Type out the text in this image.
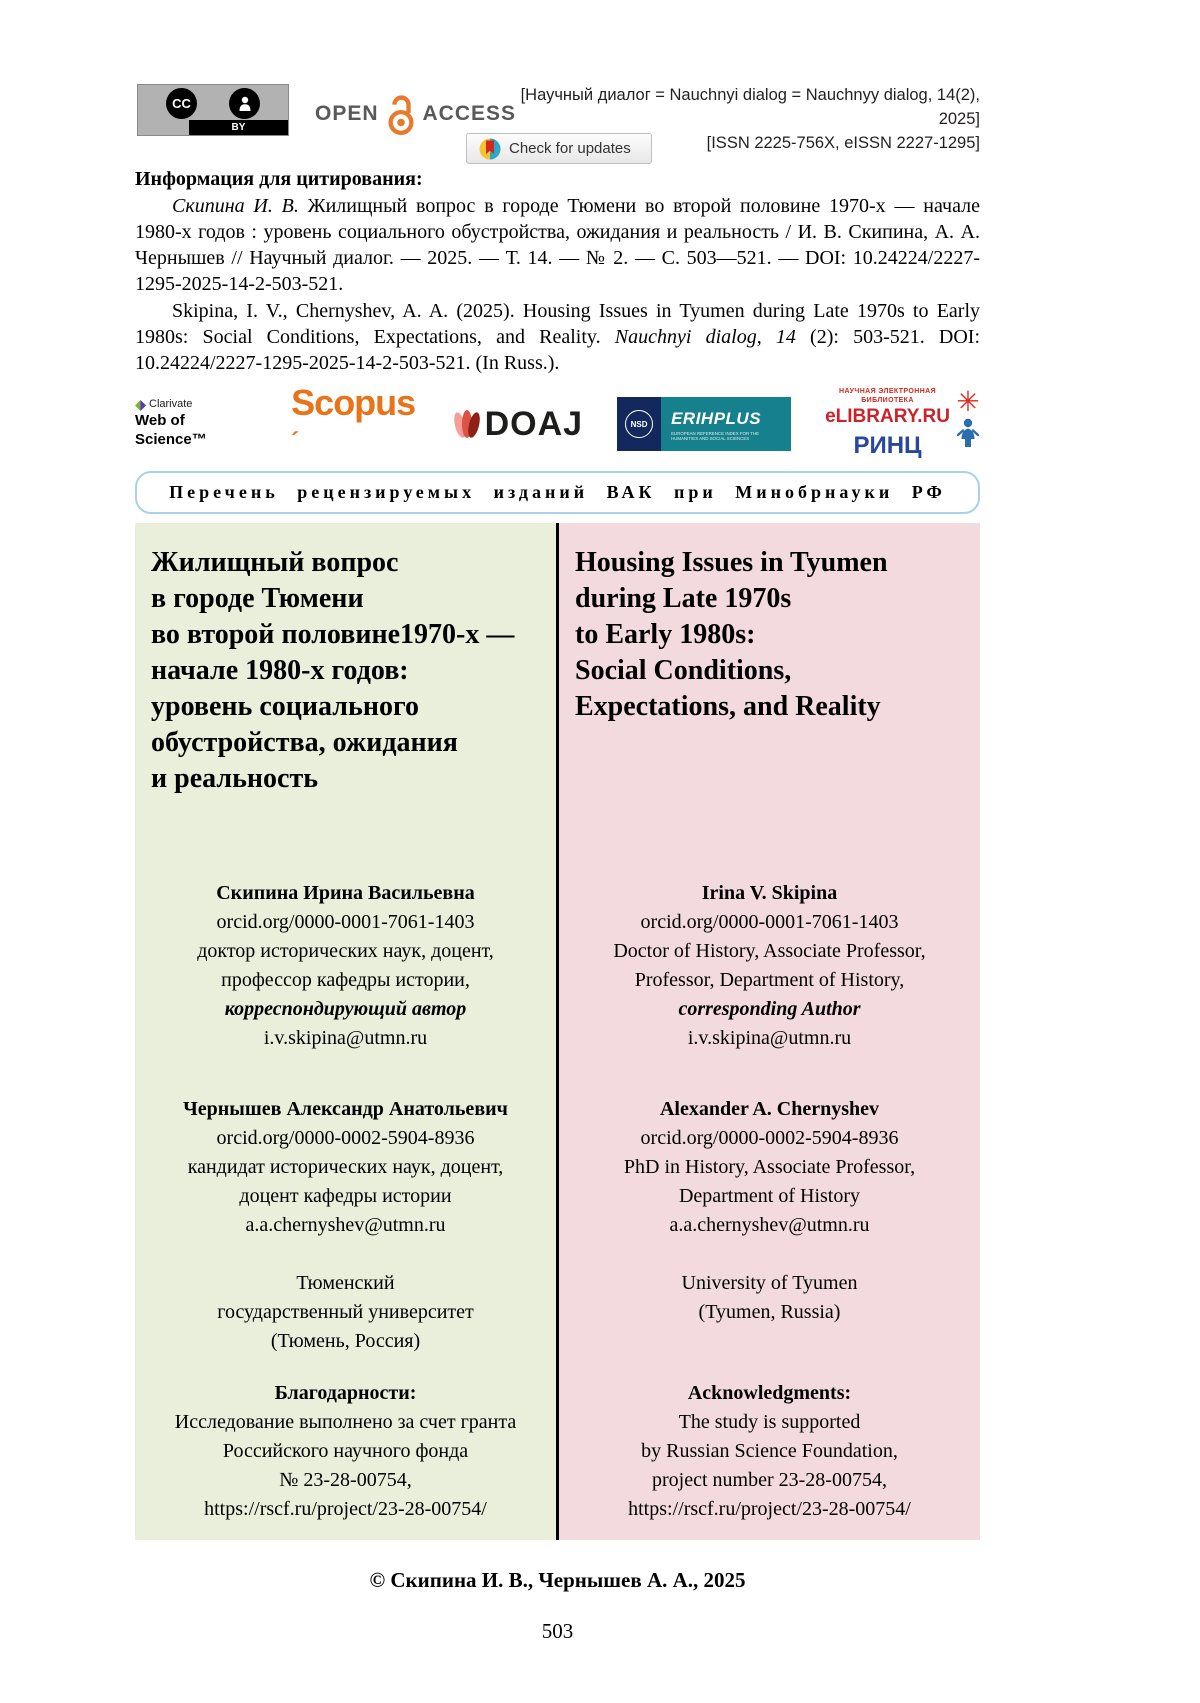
CC
BY
OPEN ACCESS
[Научный диалог = Nauchnyi dialog = Nauchnyy dialog, 14(2), 2025]
[ISSN 2225-756X, eISSN 2227-1295]
Check for updates
Информация для цитирования:

Скипина И. В. Жилищный вопрос в городе Тюмени во второй половине 1970-х — начале 1980-х годов : уровень социального обустройства, ожидания и реальность / И. В. Скипина, А. А. Чернышев // Научный диалог. — 2025. — Т. 14. — № 2. — С. 503—521. — DOI: 10.24224/2227-1295-2025-14-2-503-521.

Skipina, I. V., Chernyshev, A. A. (2025). Housing Issues in Tyumen during Late 1970s to Early 1980s: Social Conditions, Expectations, and Reality. Nauchnyi dialog, 14 (2): 503-521. DOI: 10.24224/2227-1295-2025-14-2-503-521. (In Russ.).

Clarivate
Web of Science™
Scopus´	DOAJ	NSD	ERIHPLUS
EUROPEAN REFERENCE INDEX FOR THE HUMANITIES AND SOCIAL SCIENCES
НАУЧНАЯ ЭЛЕКТРОННАЯ БИБЛИОТЕКА
eLIBRARY.RU
РИНЦ
✳
Перечень рецензируемых изданий ВАК при Минобрнауки РФ
Жилищный вопрос
в городе Тюмени
во второй половине1970-х —
начале 1980-х годов:
уровень социального
обустройства, ожидания
и реальность
Скипина Ирина Васильевна
orcid.org/0000-0001-7061-1403
доктор исторических наук, доцент,
профессор кафедры истории,
корреспондирующий автор
i.v.skipina@utmn.ru
Чернышев Александр Анатольевич
orcid.org/0000-0002-5904-8936
кандидат исторических наук, доцент,
доцент кафедры истории
a.a.chernyshev@utmn.ru
Тюменский
государственный университет
(Тюмень, Россия)
Благодарности:
Исследование выполнено за счет гранта
Российского научного фонда
№ 23-28-00754,
https://rscf.ru/project/23-28-00754/
Housing Issues in Tyumen
during Late 1970s
to Early 1980s:
Social Conditions,
Expectations, and Reality
Irina V. Skipina
orcid.org/0000-0001-7061-1403
Doctor of History, Associate Professor,
Professor, Department of History,
corresponding Author
i.v.skipina@utmn.ru
Alexander A. Chernyshev
orcid.org/0000-0002-5904-8936
PhD in History, Associate Professor,
Department of History
a.a.chernyshev@utmn.ru
University of Tyumen
(Tyumen, Russia)
Acknowledgments:
The study is supported
by Russian Science Foundation,
project number 23-28-00754,
https://rscf.ru/project/23-28-00754/
© Скипина И. В., Чернышев А. А., 2025
503
